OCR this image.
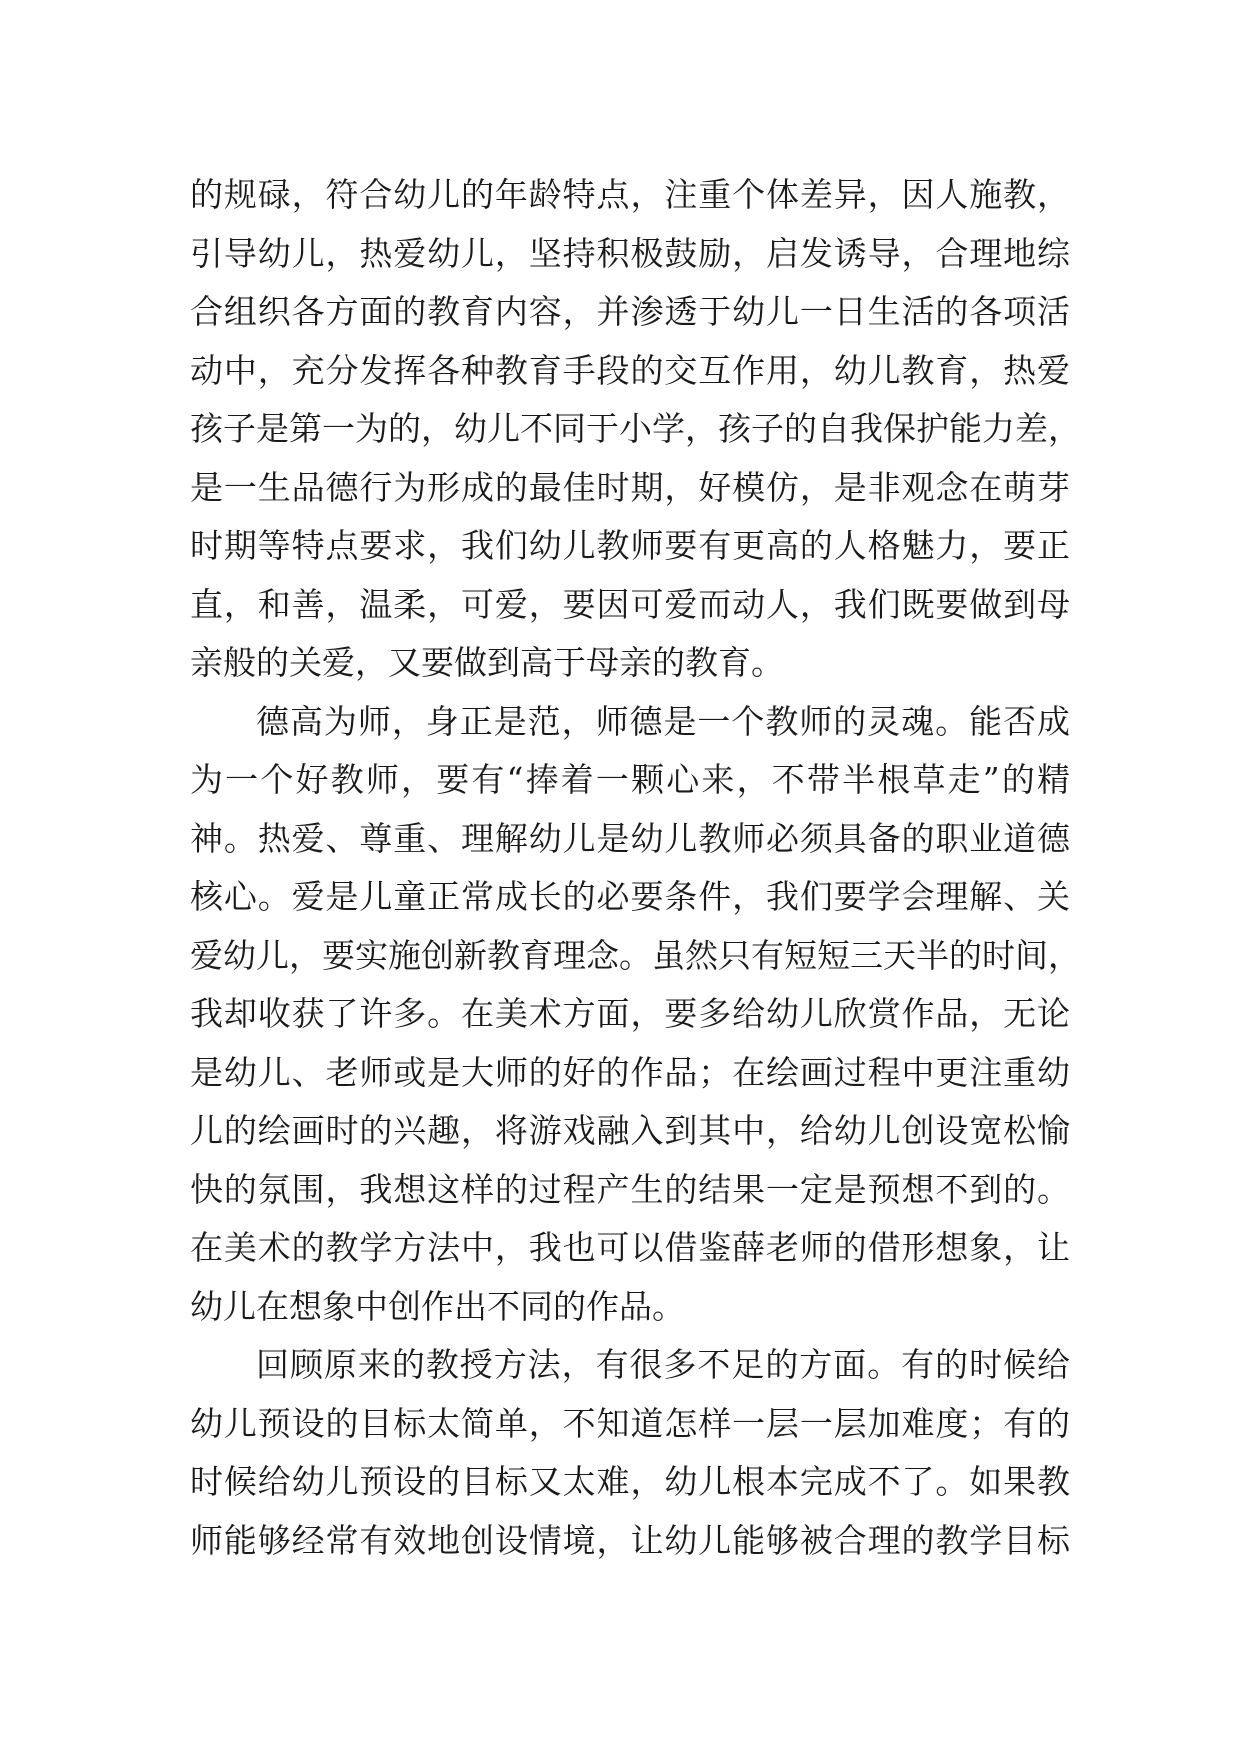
的规碌，符合幼儿的年龄特点，注重个体差异，因人施教，
引导幼儿，热爱幼儿，坚持积极鼓励，启发诱导，合理地综
合组织各方面的教育内容，并渗透于幼儿一日生活的各项活
动中，充分发挥各种教育手段的交互作用，幼儿教育，热爱
孩子是第一为的，幼儿不同于小学，孩子的自我保护能力差，
是一生品德行为形成的最佳时期，好模仿，是非观念在萌芽
时期等特点要求，我们幼儿教师要有更高的人格魅力，要正
直，和善，温柔，可爱，要因可爱而动人，我们既要做到母
亲般的关爱，又要做到高于母亲的教育。
德高为师，身正是范，师德是一个教师的灵魂。能否成
为一个好教师，要有“捧着一颗心来，不带半根草走”的精
神。热爱、尊重、理解幼儿是幼儿教师必须具备的职业道德
核心。爱是儿童正常成长的必要条件，我们要学会理解、关
爱幼儿，要实施创新教育理念。虽然只有短短三天半的时间，
我却收获了许多。在美术方面，要多给幼儿欣赏作品，无论
是幼儿、老师或是大师的好的作品；在绘画过程中更注重幼
儿的绘画时的兴趣，将游戏融入到其中，给幼儿创设宽松愉
快的氛围，我想这样的过程产生的结果一定是预想不到的。
在美术的教学方法中，我也可以借鉴薛老师的借形想象，让
幼儿在想象中创作出不同的作品。
回顾原来的教授方法，有很多不足的方面。有的时候给
幼儿预设的目标太简单，不知道怎样一层一层加难度；有的
时候给幼儿预设的目标又太难，幼儿根本完成不了。如果教
师能够经常有效地创设情境，让幼儿能够被合理的教学目标
